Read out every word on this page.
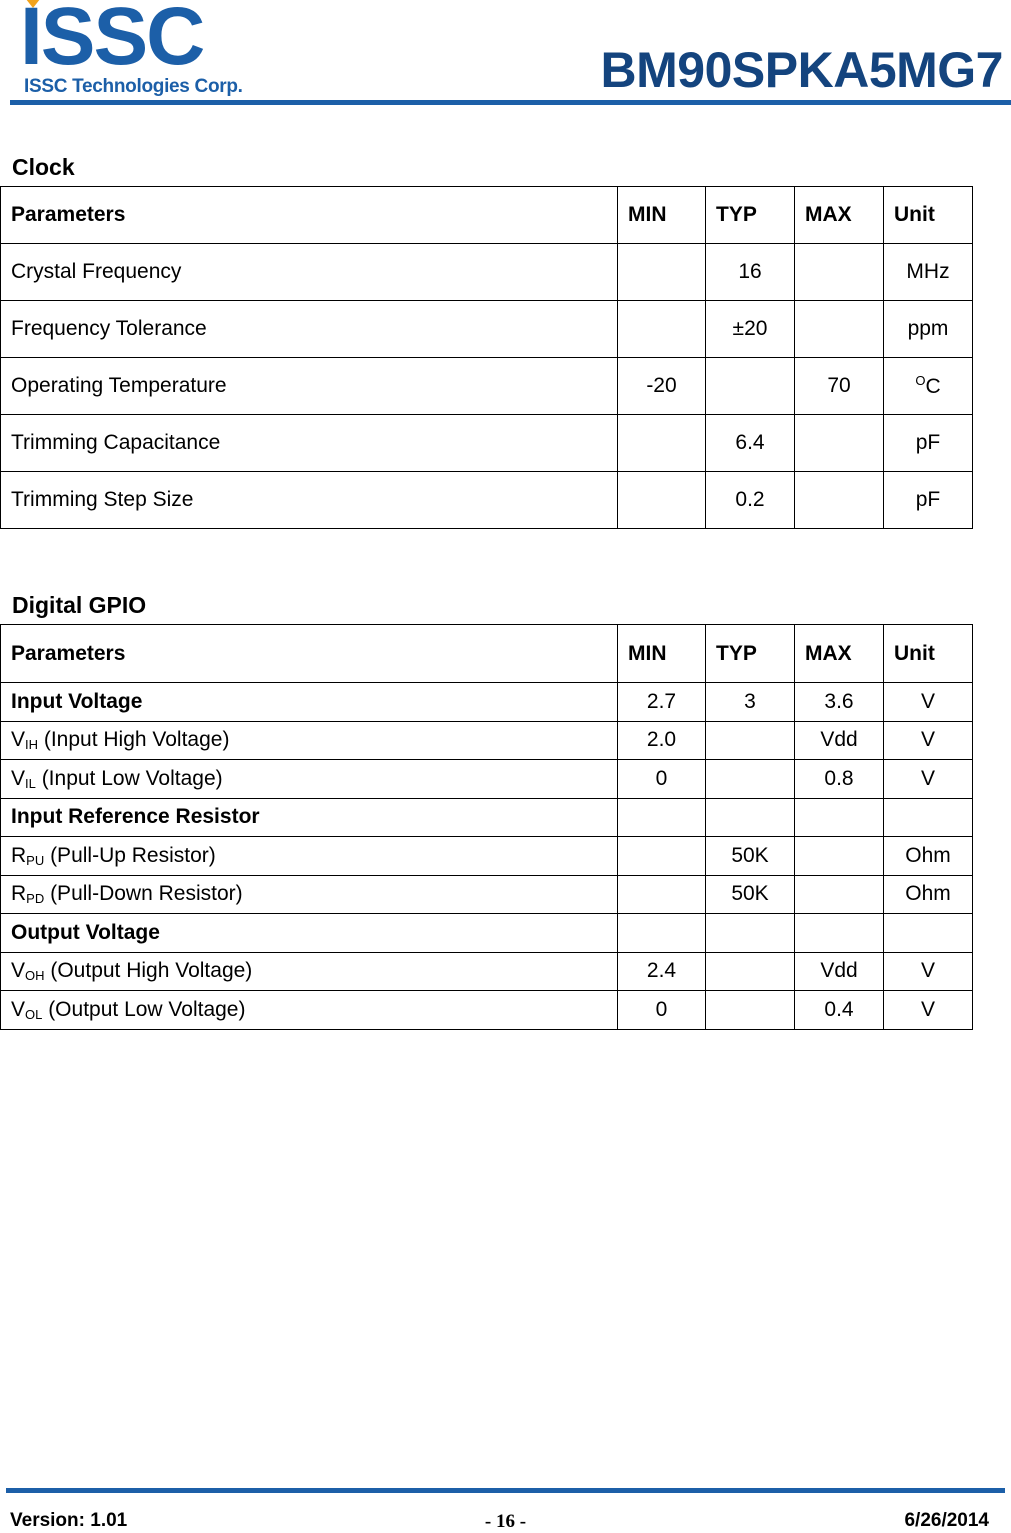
ISSC
ISSC Technologies Corp.	BM90SPKA5MG7
Clock
Parameters	MIN	TYP	MAX	Unit
Crystal Frequency		16		MHz
Frequency Tolerance		±20		ppm
Operating Temperature	-20		70	$^O$C
Trimming Capacitance		6.4		pF
Trimming Step Size		0.2		pF
Digital GPIO
Parameters	MIN	TYP	MAX	Unit
Input Voltage	2.7	3	3.6	V
$V_{IH}$ (Input High Voltage)	2.0		Vdd	V
$V_{IL}$ (Input Low Voltage)	0		0.8	V
Input Reference Resistor				
$R_{PU}$ (Pull-Up Resistor)		50K		Ohm
$R_{PD}$ (Pull-Down Resistor)		50K		Ohm
Output Voltage				
$V_{OH}$ (Output High Voltage)	2.4		Vdd	V
$V_{OL}$ (Output Low Voltage)	0		0.4	V
Version: 1.01	- 16 -	6/26/2014
